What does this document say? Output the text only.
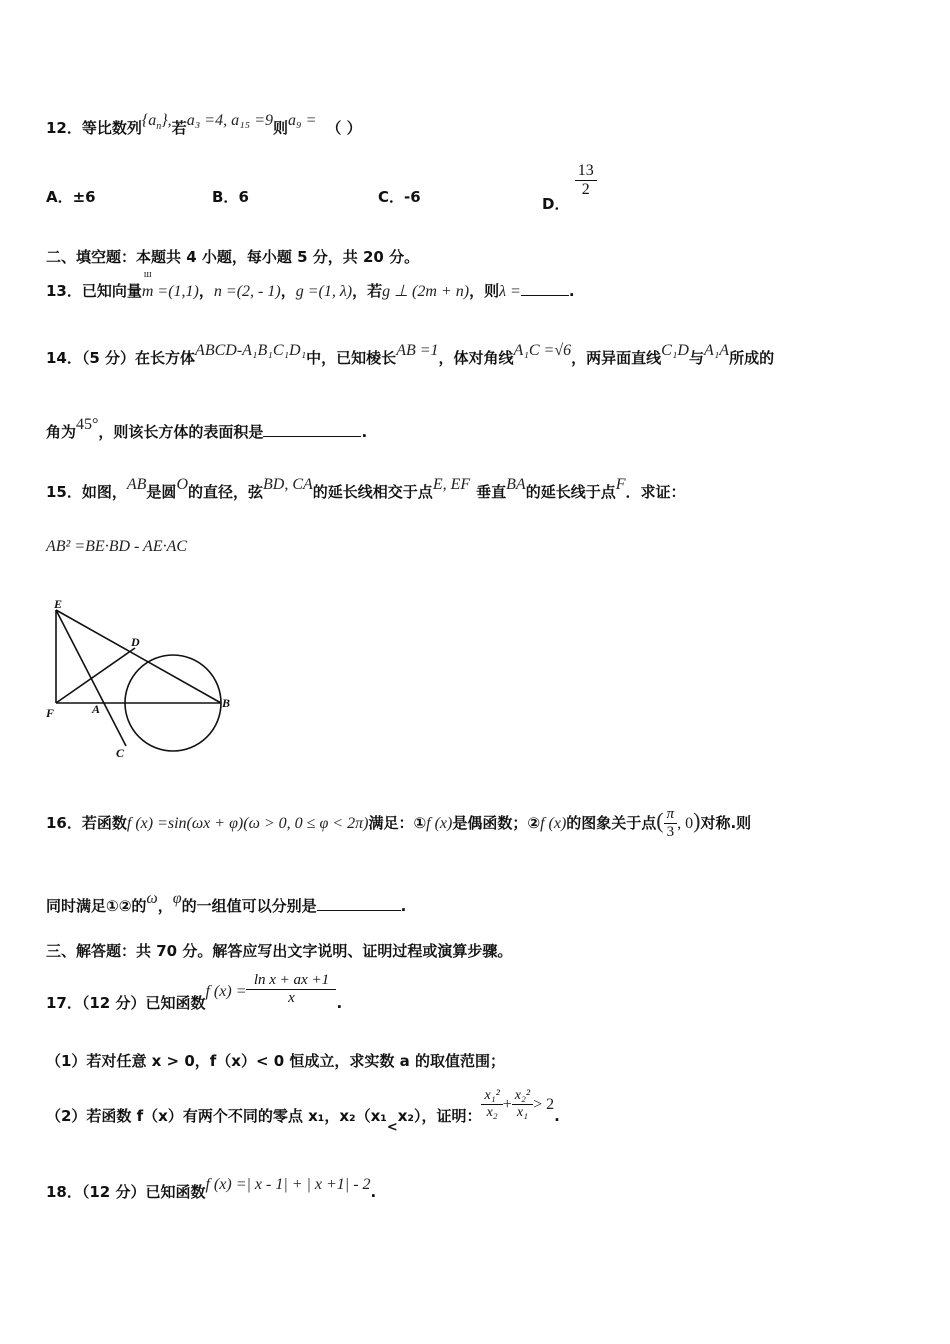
12．等比数列$\{a_n\}$,若a₃ =4, a₁₅ =9则a₉ = （ ）
A．±6	B．6	C．-6	D．
$\frac{13}{2}$
二、填空题：本题共 4 小题，每小题 5 分，共 20 分。
13．已知向量
ш
m =(1,1)，n =(2, - 1)，g =(1, λ)，若g ⊥ (2m + n)，则λ =	.
14．（5 分）在长方体ABCD-A₁B₁C₁D₁中，已知棱长AB =1，体对角线A₁C =√6，两异面直线C₁D与A₁A所成的
角为45°，则该长方体的表面积是	.
15．如图，AB是圆O的直径，弦BD, CA的延长线相交于点E, EF 垂直BA的延长线于点F．求证：
AB² =BE·BD - AE·AC
E
D
F	A	B
C
16．若函数f (x) =sin(ωx + φ)(ω > 0, 0 ≤ φ < 2π)满足：①f (x)是偶函数；②f (x)的图象关于点( $\frac{\pi}{3}$ , 0)对称.则
同时满足①②的ω，φ的一组值可以分别是	.
三、解答题：共 70 分。解答应写出文字说明、证明过程或演算步骤。
17．（12 分）已知函数f $(x) = \frac{\text{ln x + ax +1}}{x}$ .
（1）若对任意 x > 0，f（x）< 0 恒成立，求实数 a 的取值范围；
（2）若函数 f（x）有两个不同的零点 x₁，x₂（x₁<x₂），证明： $\frac{\text{x₁²}}{\text{x₂}} + \frac{\text{x₂²}}{\text{x₁}} > 2$.
18．（12 分）已知函数f (x) =| x - 1| + | x +1| - 2.
